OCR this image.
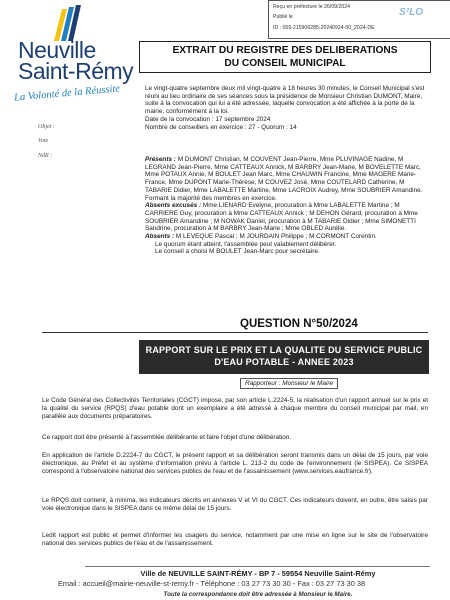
Neuville
Saint-Rémy
La Volonté de la Réussite
Reçu en préfecture le 26/09/2024
Publié le
ID : 059-215906285-20240924-50_2024-DE
S²LO
Objet :
Vote
NdR :
EXTRAIT DU REGISTRE DES DELIBERATIONS
DU CONSEIL MUNICIPAL

Le vingt-quatre septembre deux mil vingt-quatre à 18 heures 30 minutes, le Conseil Municipal s'est réuni au lieu ordinaire de ses séances sous la présidence de Monsieur Christian DUMONT, Maire, suite à la convocation qui lui a été adressée, laquelle convocation a été affichée à la porte de la mairie, conformément à la loi.

Date de la convocation : 17 septembre 2024

Nombre de conseillers en exercice : 27 - Quorum : 14

Présents : M DUMONT Christian, M COUVENT Jean-Pierre, Mme PLUVINAGE Nadine, M LEGRAND Jean-Pierre, Mme CATTEAUX Annick, M BARBRY Jean-Marie, M BOVELETTE Marc, Mme POTAUX Annie, M BOULET Jean Marc, Mme CHAUWIN Francine, Mme MAGERE Marie-France, Mme DUPONT Marie-Thérèse, M COUVEZ José, Mme COUTELARD Catherine, M TABARIE Didier, Mme LABALETTE Martine, Mme LACROIX Audrey, Mme SOUBRIER Amandine.

Formant la majorité des membres en exercice.

Absents excusés : Mme LIENARD Evelyne, procuration à Mme LABALETTE Martine ; M CARRIERE Guy, procuration à Mme CATTEAUX Annick ; M DEHON Gérard, procuration à Mme SOUBRIER Amandine ; M NOWAK Daniel, procuration à M TABARIE Didier ; Mme SIMONETTI Sandrine, procuration à M BARBRY Jean-Marie ; Mme OBLED Aurélie.

Absents : M LEVEQUE Pascal ; M JOURDAIN Philippe ; M CORMONT Corentin.

Le quorum étant atteint, l'assemblée peut valablement délibérer.

Le conseil a choisi M BOULET Jean-Marc pour secrétaire.

QUESTION N°50/2024
RAPPORT SUR LE PRIX ET LA QUALITE DU SERVICE PUBLIC
D'EAU POTABLE - ANNEE 2023
Rapporteur : Monsieur le Maire
Le Code Général des Collectivités Territoriales (CGCT) impose, par son article L.2224-5, la réalisation d'un rapport annuel sur le prix et la qualité du service (RPQS) d'eau potable dont un exemplaire a été adressé à chaque membre du conseil municipal par mail, en parallèle aux documents préparatoires.
Ce rapport doit être présenté à l'assemblée délibérante et faire l'objet d'une délibération.
En application de l'article D.2224-7 du CGCT, le présent rapport et sa délibération seront transmis dans un délai de 15 jours, par voie électronique, au Préfet et au système d'information prévu à l'article L. 213-2 du code de l'environnement (le SISPEA). Ce SISPEA correspond à l'observatoire national des services publics de l'eau et de l'assainissement (www.services.eaufrance.fr).
Le RPQS doit contenir, à minima, les indicateurs décrits en annexes V et VI du CGCT. Ces indicateurs doivent, en outre, être saisis par voie électronique dans le SISPEA dans ce même délai de 15 jours.
Ledit rapport est public et permet d'informer les usagers du service, notamment par une mise en ligne sur le site de l'observatoire national des services publics de l'eau et de l'assainissement.
Ville de NEUVILLE SAINT-RÉMY - BP 7 - 59554 Neuville Saint-Rémy
Email : accueil@mairie-neuville-st-remy.fr - Téléphone : 03 27 73 30 30 - Fax : 03 27 73 30 38
Toute la correspondance doit être adressée à Monsieur le Maire.
